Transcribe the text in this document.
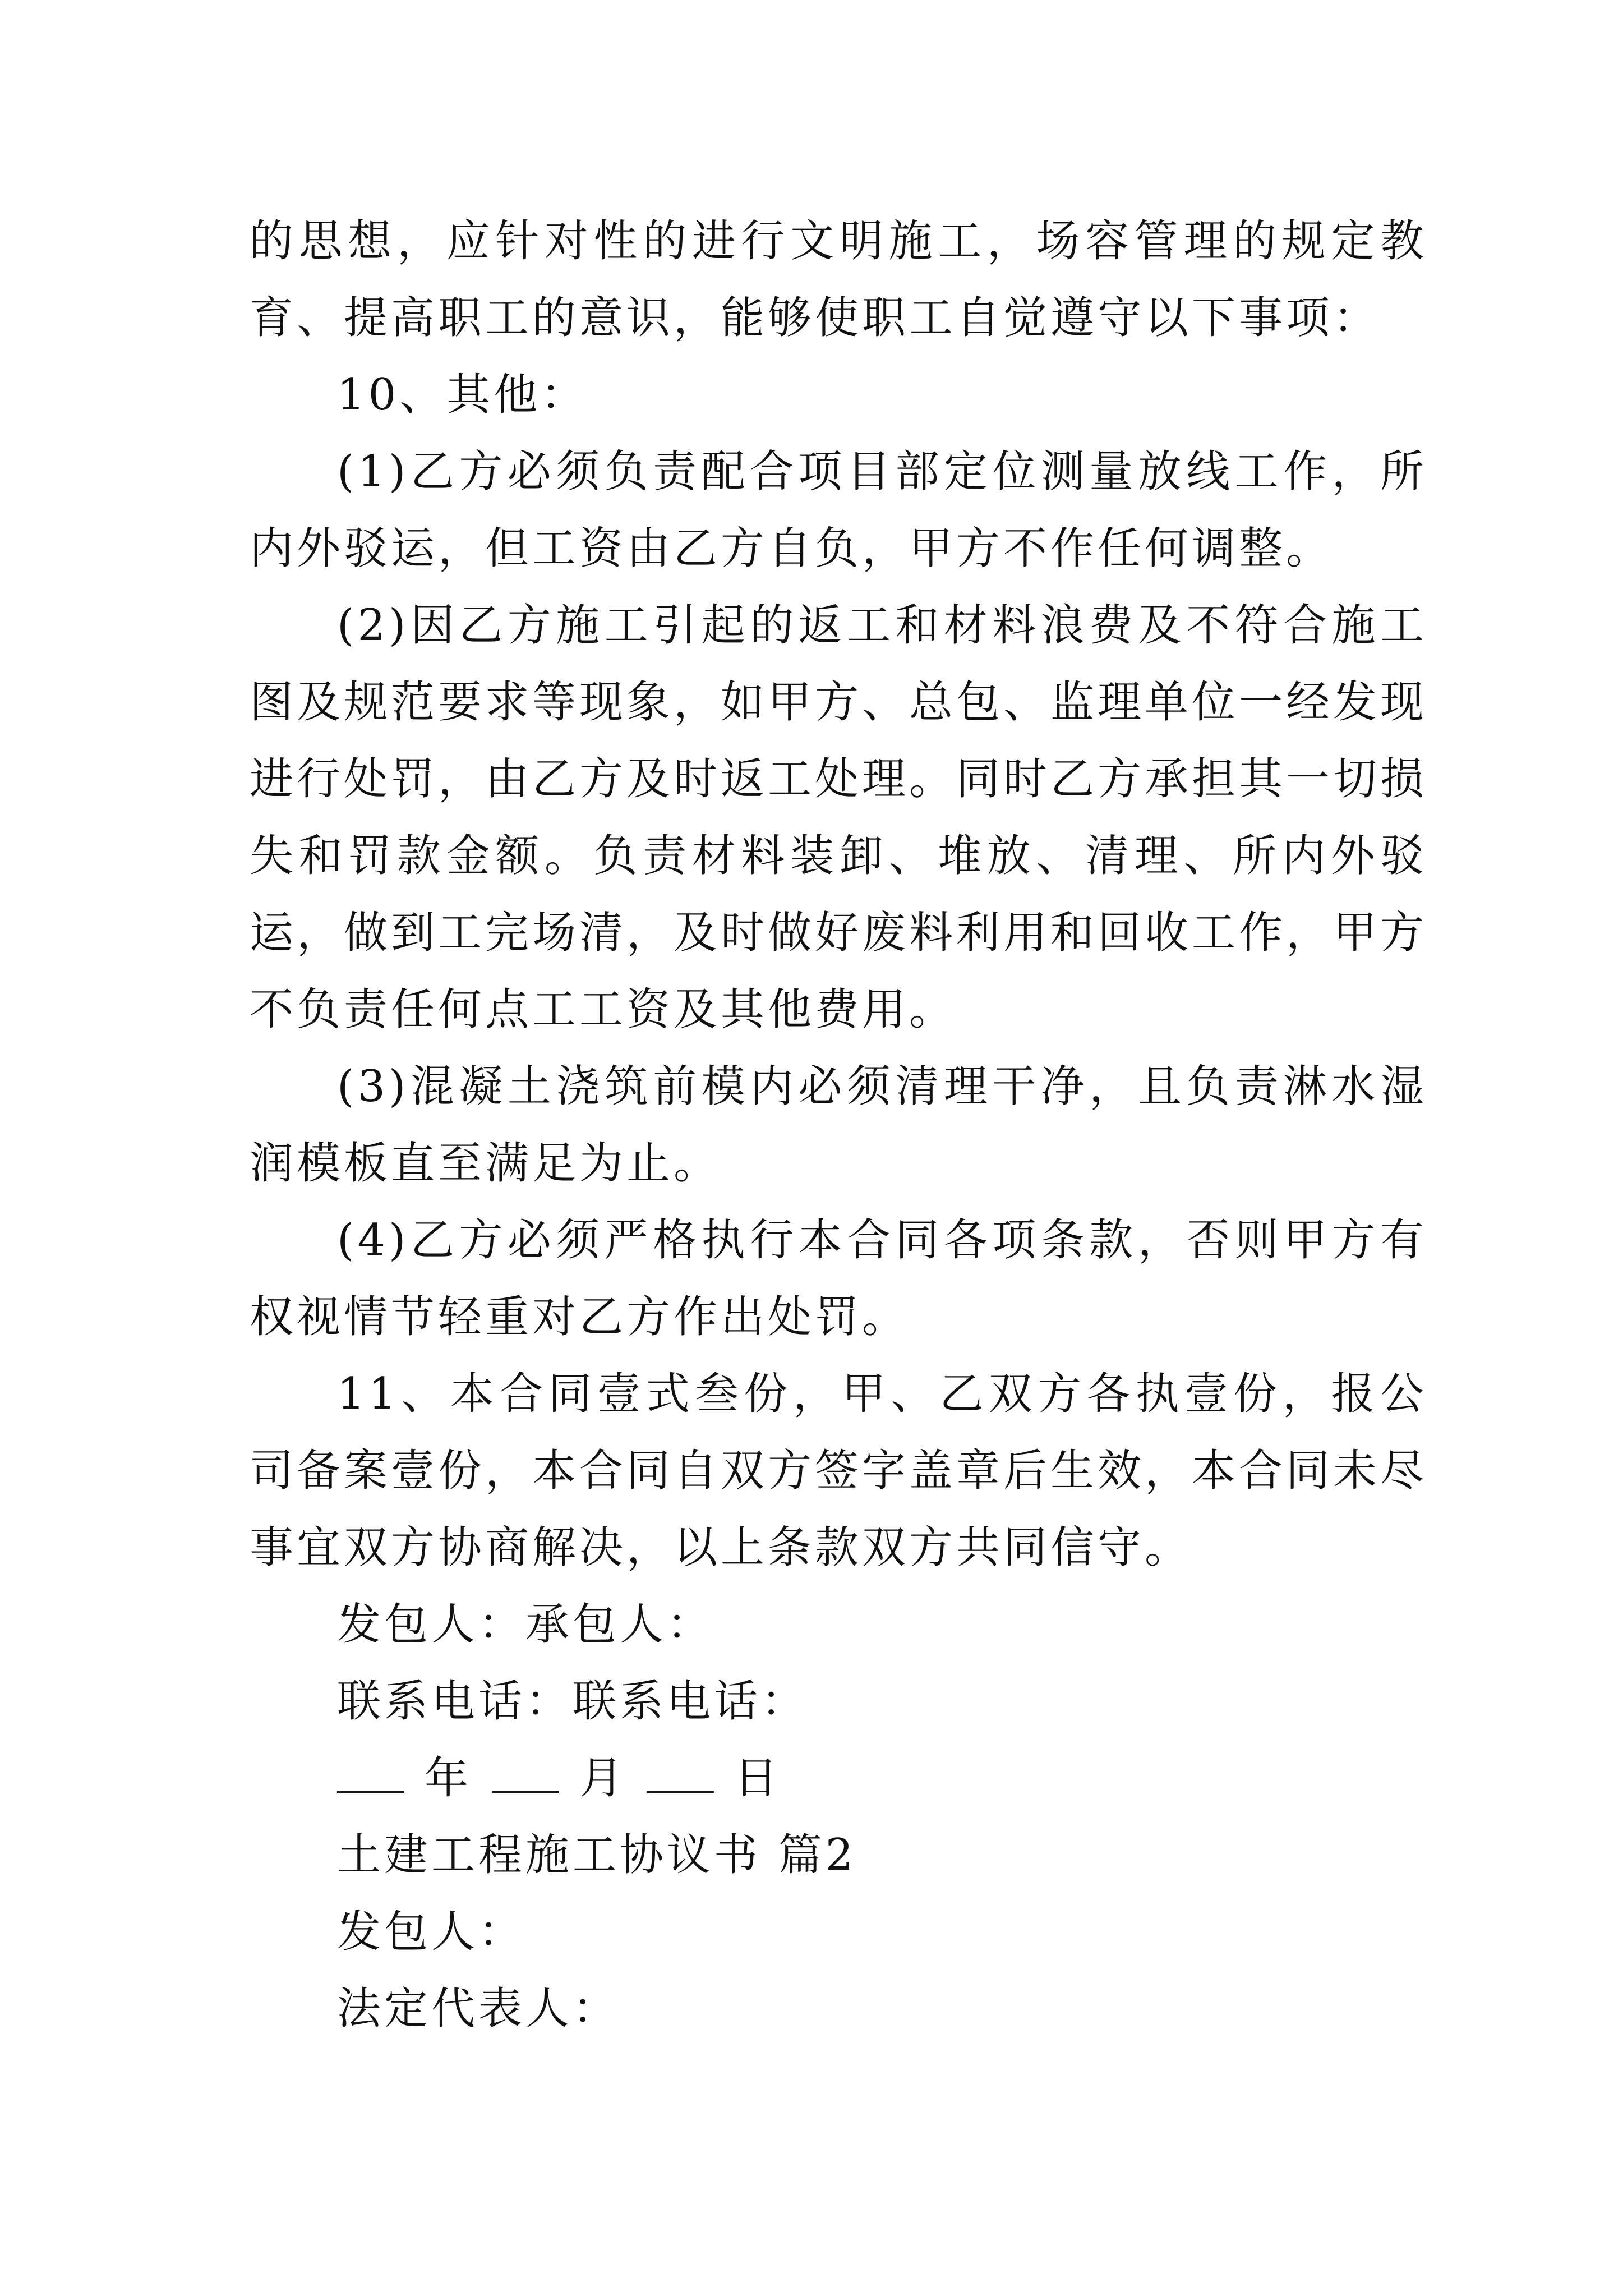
的思想，应针对性的进行文明施工，场容管理的规定教育、提高职工的意识，能够使职工自觉遵守以下事项：

10、其他：

(1)乙方必须负责配合项目部定位测量放线工作，所内外驳运，但工资由乙方自负，甲方不作任何调整。

(2)因乙方施工引起的返工和材料浪费及不符合施工图及规范要求等现象，如甲方、总包、监理单位一经发现进行处罚，由乙方及时返工处理。同时乙方承担其一切损失和罚款金额。负责材料装卸、堆放、清理、所内外驳运，做到工完场清，及时做好废料利用和回收工作，甲方不负责任何点工工资及其他费用。

(3)混凝土浇筑前模内必须清理干净，且负责淋水湿润模板直至满足为止。

(4)乙方必须严格执行本合同各项条款，否则甲方有权视情节轻重对乙方作出处罚。

11、本合同壹式叁份，甲、乙双方各执壹份，报公司备案壹份，本合同自双方签字盖章后生效，本合同未尽事宜双方协商解决，以上条款双方共同信守。

发包人：承包人：

联系电话：联系电话：

年 月 日

土建工程施工协议书 篇2

发包人：

法定代表人：
